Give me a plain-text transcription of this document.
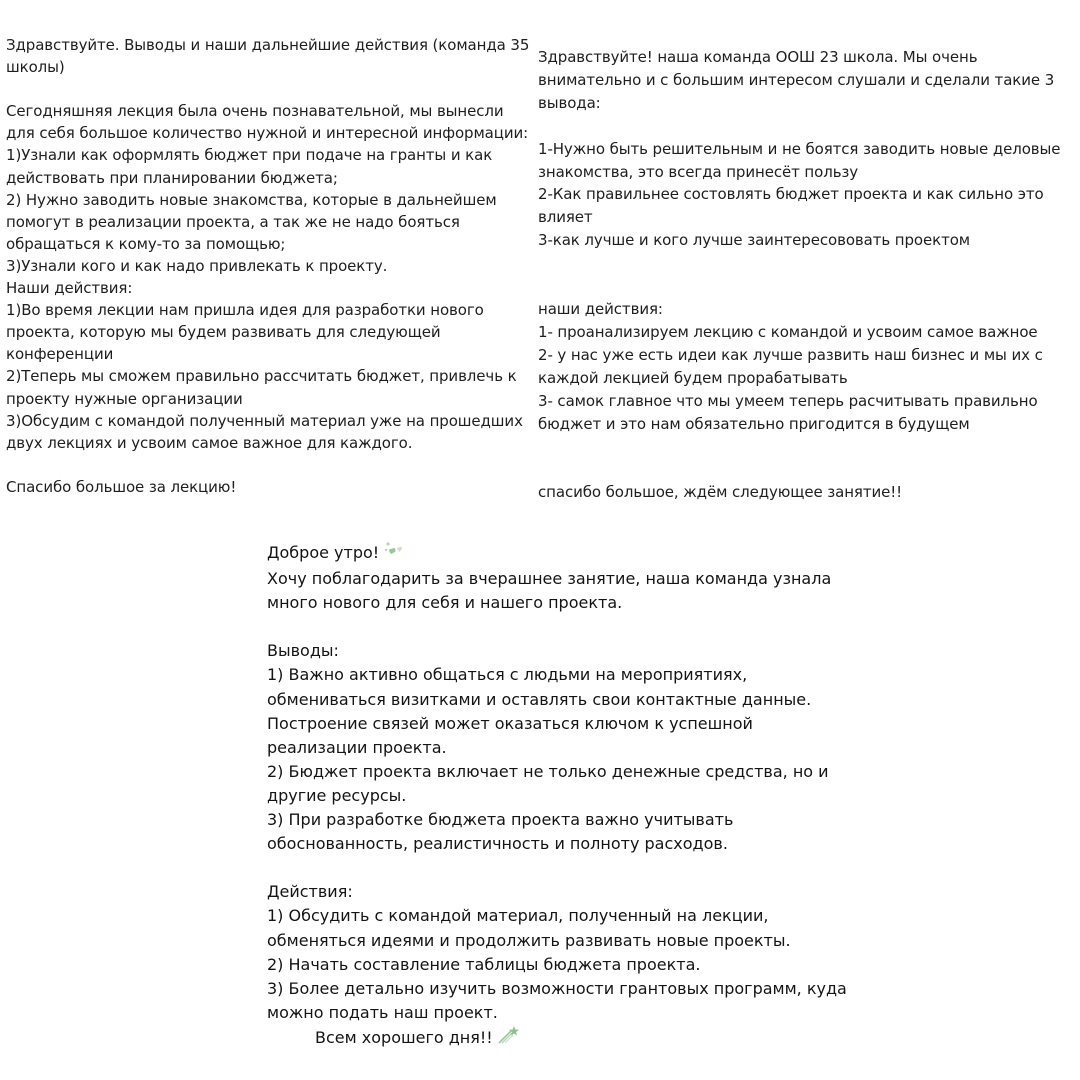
Здравствуйте. Выводы и наши дальнейшие действия (команда 35 школы)

Сегодняшняя лекция была очень познавательной, мы вынесли для себя большое количество нужной и интересной информации:
1)Узнали как оформлять бюджет при подаче на гранты и как действовать при планировании бюджета;
2) Нужно заводить новые знакомства, которые в дальнейшем помогут в реализации проекта, а так же не надо бояться обращаться к кому-то за помощью;
3)Узнали кого и как надо привлекать к проекту.
Наши действия:
1)Во время лекции нам пришла идея для разработки нового проекта, которую мы будем развивать для следующей конференции
2)Теперь мы сможем правильно рассчитать бюджет, привлечь к проекту нужные организации
3)Обсудим с командой полученный материал уже на прошедших двух лекциях и усвоим самое важное для каждого.

Спасибо большое за лекцию!
Здравствуйте! наша команда ООШ 23 школа. Мы очень внимательно и с большим интересом слушали и сделали такие 3 вывода:

1-Нужно быть решительным и не боятся заводить новые деловые знакомства, это всегда принесёт пользу
2-Как правильнее состовлять бюджет проекта и как сильно это влияет
3-как лучше и кого лучше заинтересововать проектом

наши действия:
1- проанализируем лекцию с командой и усвоим самое важное
2- у нас уже есть идеи как лучше развить наш бизнес и мы их с каждой лекцией будем прорабатывать
3- самок главное что мы умеем теперь расчитывать правильно бюджет и это нам обязательно пригодится в будущем

спасибо большое, ждём следующее занятие!!
Доброе утро!
Хочу поблагодарить за вчерашнее занятие, наша команда узнала много нового для себя и нашего проекта.

Выводы:
1) Важно активно общаться с людьми на мероприятиях, обмениваться визитками и оставлять свои контактные данные. Построение связей может оказаться ключом к успешной реализации проекта.
2) Бюджет проекта включает не только денежные средства, но и другие ресурсы.
3) При разработке бюджета проекта важно учитывать обоснованность, реалистичность и полноту расходов.

Действия:
1) Обсудить с командой материал, полученный на лекции, обменяться идеями и продолжить развивать новые проекты.
2) Начать составление таблицы бюджета проекта.
3) Более детально изучить возможности грантовых программ, куда можно подать наш проект.

Всем хорошего дня!!
